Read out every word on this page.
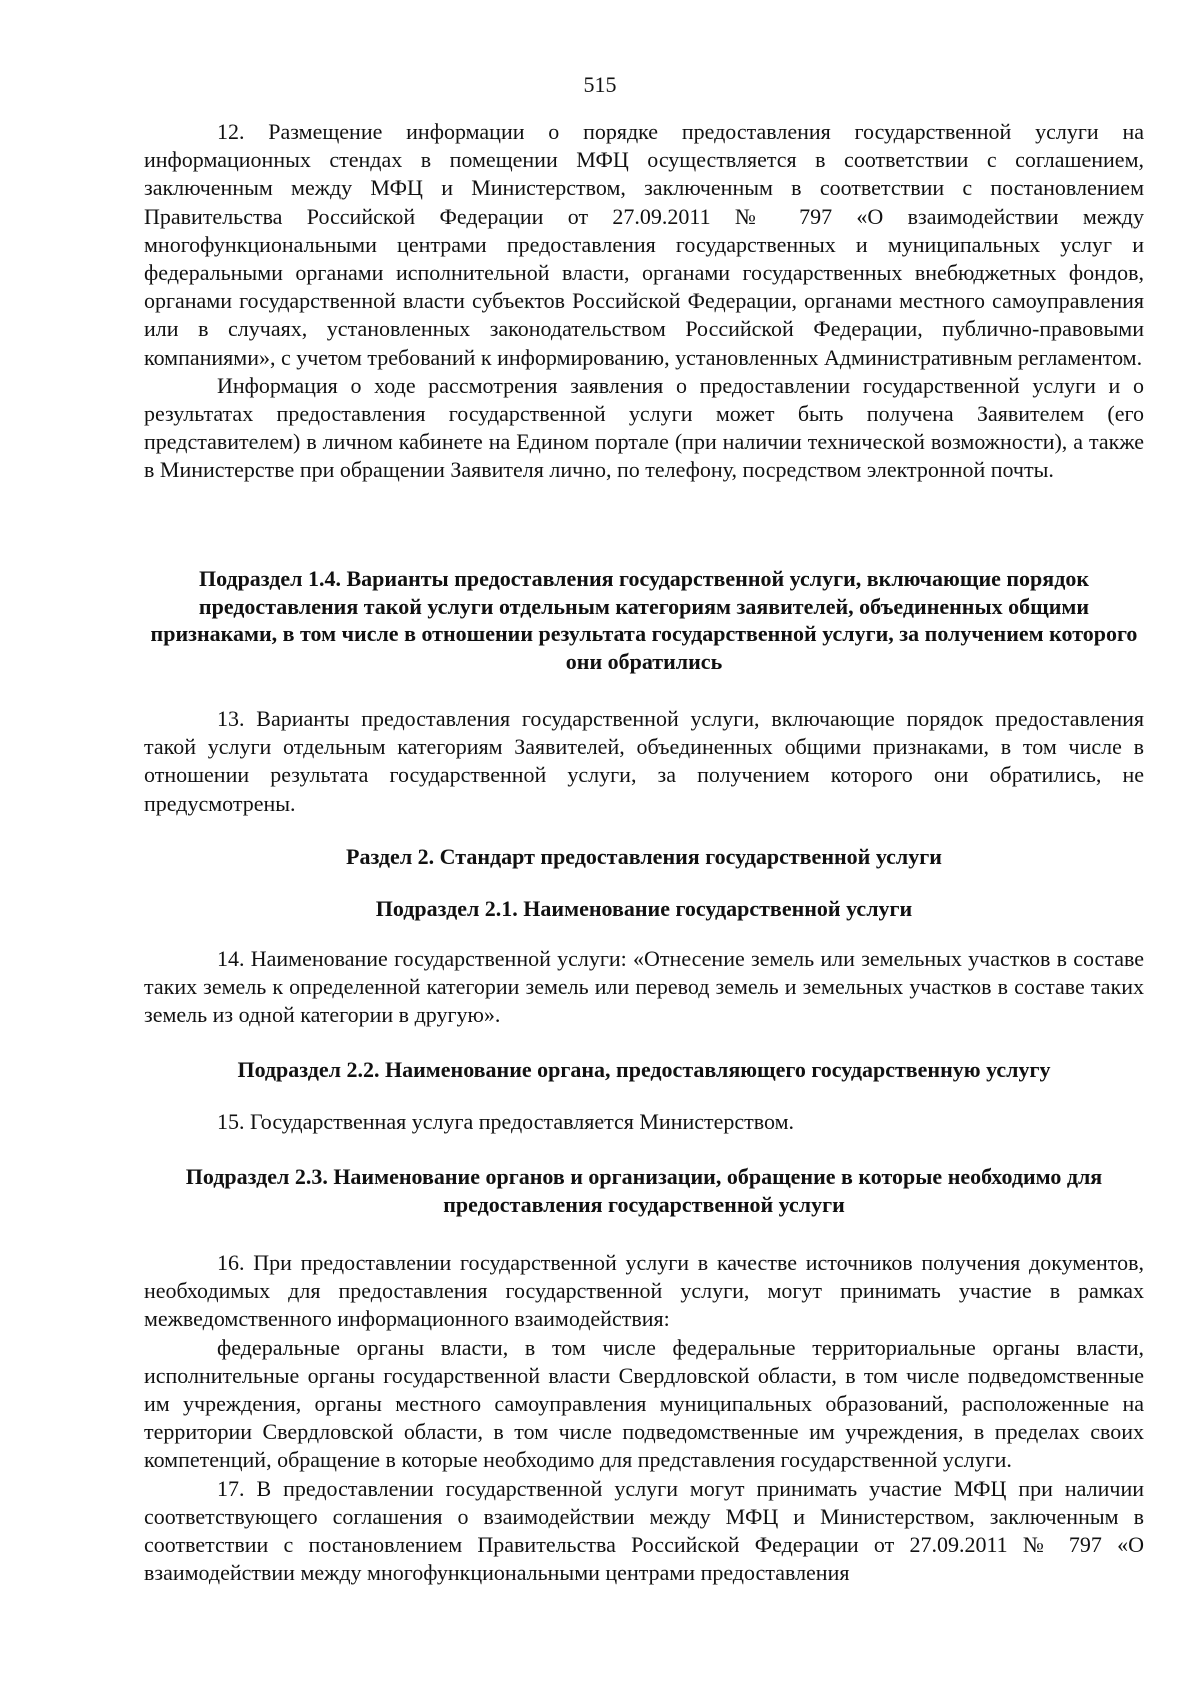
515

12. Размещение информации о порядке предоставления государственной услуги на информационных стендах в помещении МФЦ осуществляется в соответствии с соглашением, заключенным между МФЦ и Министерством, заключенным в соответствии с постановлением Правительства Российской Федерации от 27.09.2011 № 797 «О взаимодействии между многофункциональными центрами предоставления государственных и муниципальных услуг и федеральными органами исполнительной власти, органами государственных внебюджетных фондов, органами государственной власти субъектов Российской Федерации, органами местного самоуправления или в случаях, установленных законодательством Российской Федерации, публично-правовыми компаниями», с учетом требований к информированию, установленных Административным регламентом.

Информация о ходе рассмотрения заявления о предоставлении государственной услуги и о результатах предоставления государственной услуги может быть получена Заявителем (его представителем) в личном кабинете на Едином портале (при наличии технической возможности), а также в Министерстве при обращении Заявителя лично, по телефону, посредством электронной почты.

Подраздел 1.4. Варианты предоставления государственной услуги, включающие порядок предоставления такой услуги отдельным категориям заявителей, объединенных общими признаками, в том числе в отношении результата государственной услуги, за получением которого они обратились

13. Варианты предоставления государственной услуги, включающие порядок предоставления такой услуги отдельным категориям Заявителей, объединенных общими признаками, в том числе в отношении результата государственной услуги, за получением которого они обратились, не предусмотрены.

Раздел 2. Стандарт предоставления государственной услуги
Подраздел 2.1. Наименование государственной услуги

14. Наименование государственной услуги: «Отнесение земель или земельных участков в составе таких земель к определенной категории земель или перевод земель и земельных участков в составе таких земель из одной категории в другую».

Подраздел 2.2. Наименование органа, предоставляющего государственную услугу

15. Государственная услуга предоставляется Министерством.

Подраздел 2.3. Наименование органов и организации, обращение в которые необходимо для предоставления государственной услуги

16. При предоставлении государственной услуги в качестве источников получения документов, необходимых для предоставления государственной услуги, могут принимать участие в рамках межведомственного информационного взаимодействия:

федеральные органы власти, в том числе федеральные территориальные органы власти, исполнительные органы государственной власти Свердловской области, в том числе подведомственные им учреждения, органы местного самоуправления муниципальных образований, расположенные на территории Свердловской области, в том числе подведомственные им учреждения, в пределах своих компетенций, обращение в которые необходимо для представления государственной услуги.

17. В предоставлении государственной услуги могут принимать участие МФЦ при наличии соответствующего соглашения о взаимодействии между МФЦ и Министерством, заключенным в соответствии с постановлением Правительства Российской Федерации от 27.09.2011 № 797 «О взаимодействии между многофункциональными центрами предоставления
